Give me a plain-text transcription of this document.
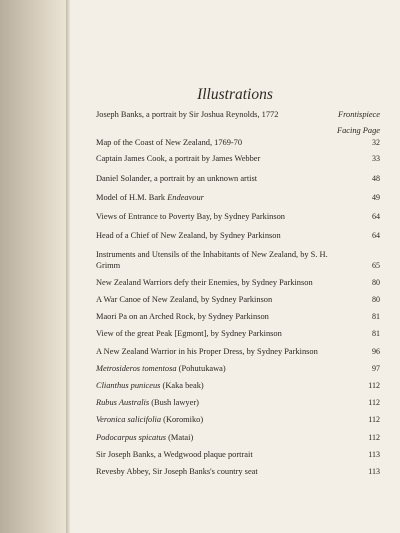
Illustrations
Joseph Banks, a portrait by Sir Joshua Reynolds, 1772	Frontispiece
Facing Page
Map of the Coast of New Zealand, 1769-70	32
Captain James Cook, a portrait by James Webber	33
Daniel Solander, a portrait by an unknown artist	48
Model of H.M. Bark Endeavour	49
Views of Entrance to Poverty Bay, by Sydney Parkinson	64
Head of a Chief of New Zealand, by Sydney Parkinson	64
Instruments and Utensils of the Inhabitants of New Zealand, by S. H. Grimm	65
New Zealand Warriors defy their Enemies, by Sydney Parkinson	80
A War Canoe of New Zealand, by Sydney Parkinson	80
Maori Pa on an Arched Rock, by Sydney Parkinson	81
View of the great Peak [Egmont], by Sydney Parkinson	81
A New Zealand Warrior in his Proper Dress, by Sydney Parkinson	96
Metrosideros tomentosa (Pohutukawa)	97
Clianthus puniceus (Kaka beak)	112
Rubus Australis (Bush lawyer)	112
Veronica salicifolia (Koromiko)	112
Podocarpus spicatus (Matai)	112
Sir Joseph Banks, a Wedgwood plaque portrait	113
Revesby Abbey, Sir Joseph Banks's country seat	113
